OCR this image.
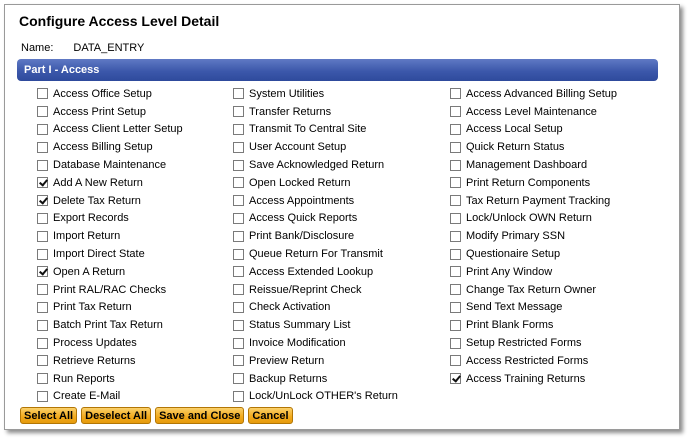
Configure Access Level Detail
Name: DATA_ENTRY
Part I - Access
Access Office Setup
Access Print Setup
Access Client Letter Setup
Access Billing Setup
Database Maintenance
Add A New Return
Delete Tax Return
Export Records
Import Return
Import Direct State
Open A Return
Print RAL/RAC Checks
Print Tax Return
Batch Print Tax Return
Process Updates
Retrieve Returns
Run Reports
Create E-Mail
System Utilities
Transfer Returns
Transmit To Central Site
User Account Setup
Save Acknowledged Return
Open Locked Return
Access Appointments
Access Quick Reports
Print Bank/Disclosure
Queue Return For Transmit
Access Extended Lookup
Reissue/Reprint Check
Check Activation
Status Summary List
Invoice Modification
Preview Return
Backup Returns
Lock/UnLock OTHER's Return
Access Advanced Billing Setup
Access Level Maintenance
Access Local Setup
Quick Return Status
Management Dashboard
Print Return Components
Tax Return Payment Tracking
Lock/Unlock OWN Return
Modify Primary SSN
Questionaire Setup
Print Any Window
Change Tax Return Owner
Send Text Message
Print Blank Forms
Setup Restricted Forms
Access Restricted Forms
Access Training Returns
Select All	Deselect All	Save and Close	Cancel
